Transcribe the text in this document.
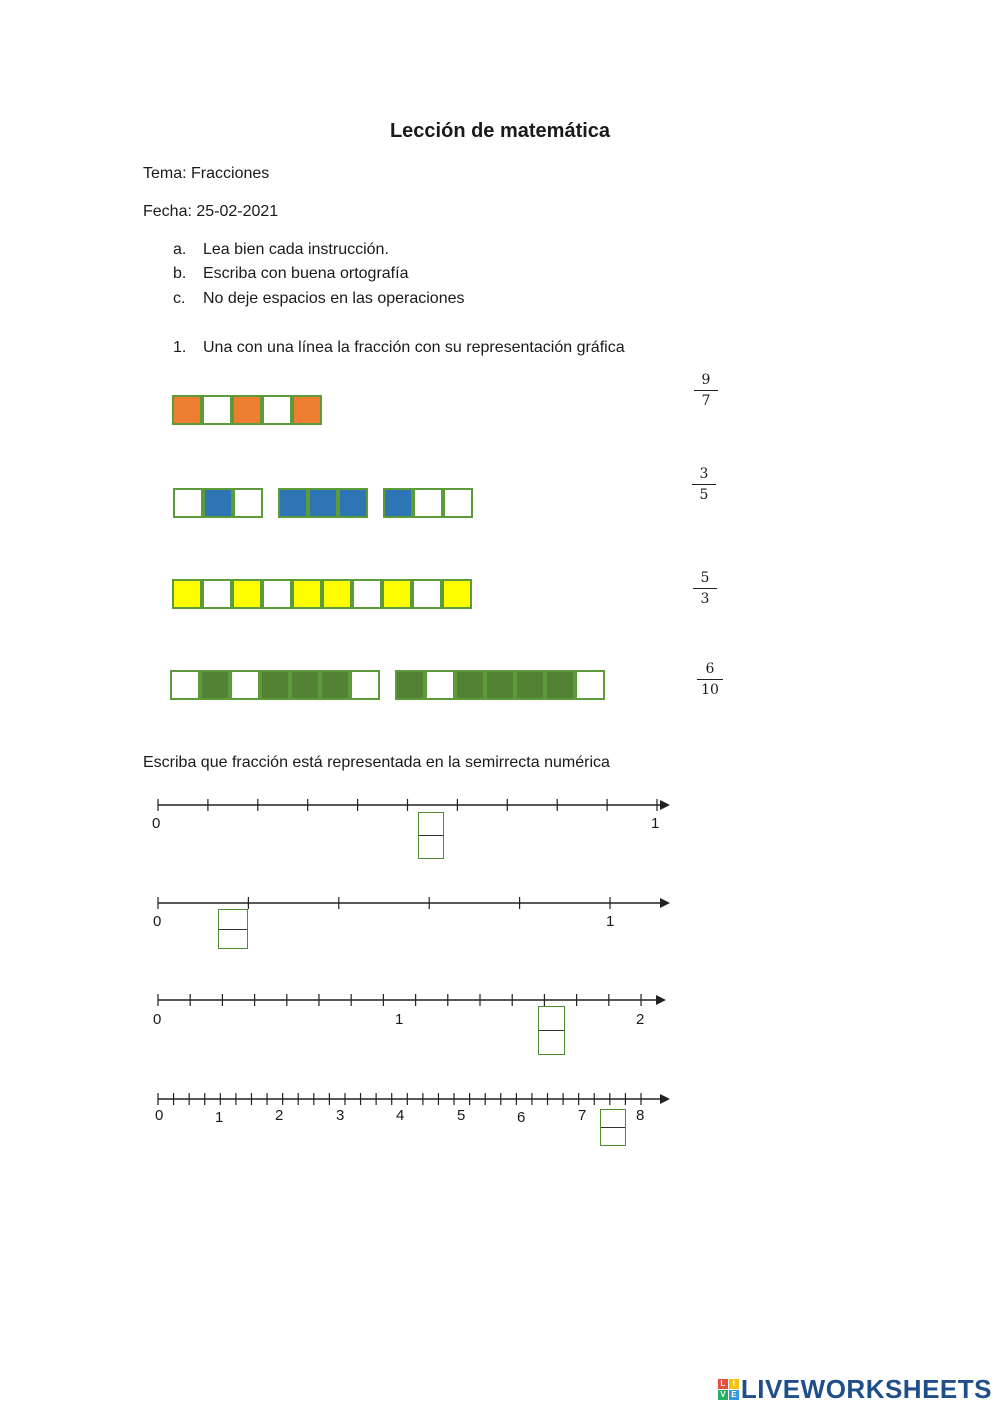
Lección de matemática
Tema: Fracciones
Fecha: 25-02-2021
a. Lea bien cada instrucción.
b. Escriba con buena ortografía
c. No deje espacios en las operaciones
1. Una con una línea la fracción con su representación gráfica
9
7
3
5
5
3
6
10
Escriba que fracción está representada en la semirrecta numérica
0	1
0	1
0	1	2
0	1	2	3	4	5	6	7	8
L I
V E LIVEWORKSHEETS
